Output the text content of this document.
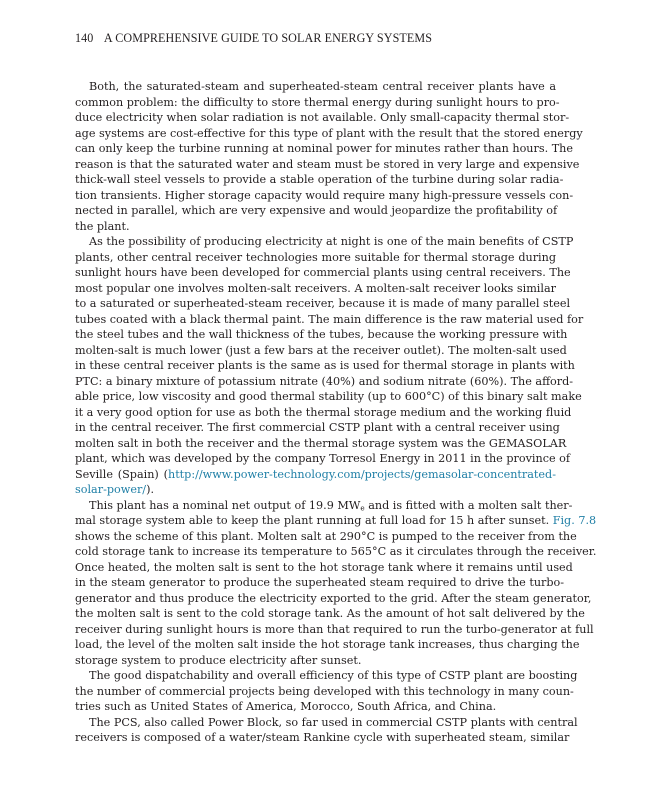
140 A COMPREHENSIVE GUIDE TO SOLAR ENERGY SYSTEMS
Both, the saturated-steam and superheated-steam central receiver plants have a
common problem: the difficulty to store thermal energy during sunlight hours to pro-
duce electricity when solar radiation is not available. Only small-capacity thermal stor-
age systems are cost-effective for this type of plant with the result that the stored energy
can only keep the turbine running at nominal power for minutes rather than hours. The
reason is that the saturated water and steam must be stored in very large and expensive
thick-wall steel vessels to provide a stable operation of the turbine during solar radia-
tion transients. Higher storage capacity would require many high-pressure vessels con-
nected in parallel, which are very expensive and would jeopardize the profitability of
the plant.
As the possibility of producing electricity at night is one of the main benefits of CSTP
plants, other central receiver technologies more suitable for thermal storage during
sunlight hours have been developed for commercial plants using central receivers. The
most popular one involves molten-salt receivers. A molten-salt receiver looks similar
to a saturated or superheated-steam receiver, because it is made of many parallel steel
tubes coated with a black thermal paint. The main difference is the raw material used for
the steel tubes and the wall thickness of the tubes, because the working pressure with
molten-salt is much lower (just a few bars at the receiver outlet). The molten-salt used
in these central receiver plants is the same as is used for thermal storage in plants with
PTC: a binary mixture of potassium nitrate (40%) and sodium nitrate (60%). The afford-
able price, low viscosity and good thermal stability (up to 600°C) of this binary salt make
it a very good option for use as both the thermal storage medium and the working fluid
in the central receiver. The first commercial CSTP plant with a central receiver using
molten salt in both the receiver and the thermal storage system was the GEMASOLAR
plant, which was developed by the company Torresol Energy in 2011 in the province of
Seville (Spain) (http://www.power-technology.com/projects/gemasolar-concentrated-
solar-power/).
This plant has a nominal net output of 19.9 $MW_e$ and is fitted with a molten salt ther-
mal storage system able to keep the plant running at full load for 15 h after sunset. Fig. 7.8
shows the scheme of this plant. Molten salt at 290°C is pumped to the receiver from the
cold storage tank to increase its temperature to 565°C as it circulates through the receiver.
Once heated, the molten salt is sent to the hot storage tank where it remains until used
in the steam generator to produce the superheated steam required to drive the turbo-
generator and thus produce the electricity exported to the grid. After the steam generator,
the molten salt is sent to the cold storage tank. As the amount of hot salt delivered by the
receiver during sunlight hours is more than that required to run the turbo-generator at full
load, the level of the molten salt inside the hot storage tank increases, thus charging the
storage system to produce electricity after sunset.
The good dispatchability and overall efficiency of this type of CSTP plant are boosting
the number of commercial projects being developed with this technology in many coun-
tries such as United States of America, Morocco, South Africa, and China.
The PCS, also called Power Block, so far used in commercial CSTP plants with central
receivers is composed of a water/steam Rankine cycle with superheated steam, similar
